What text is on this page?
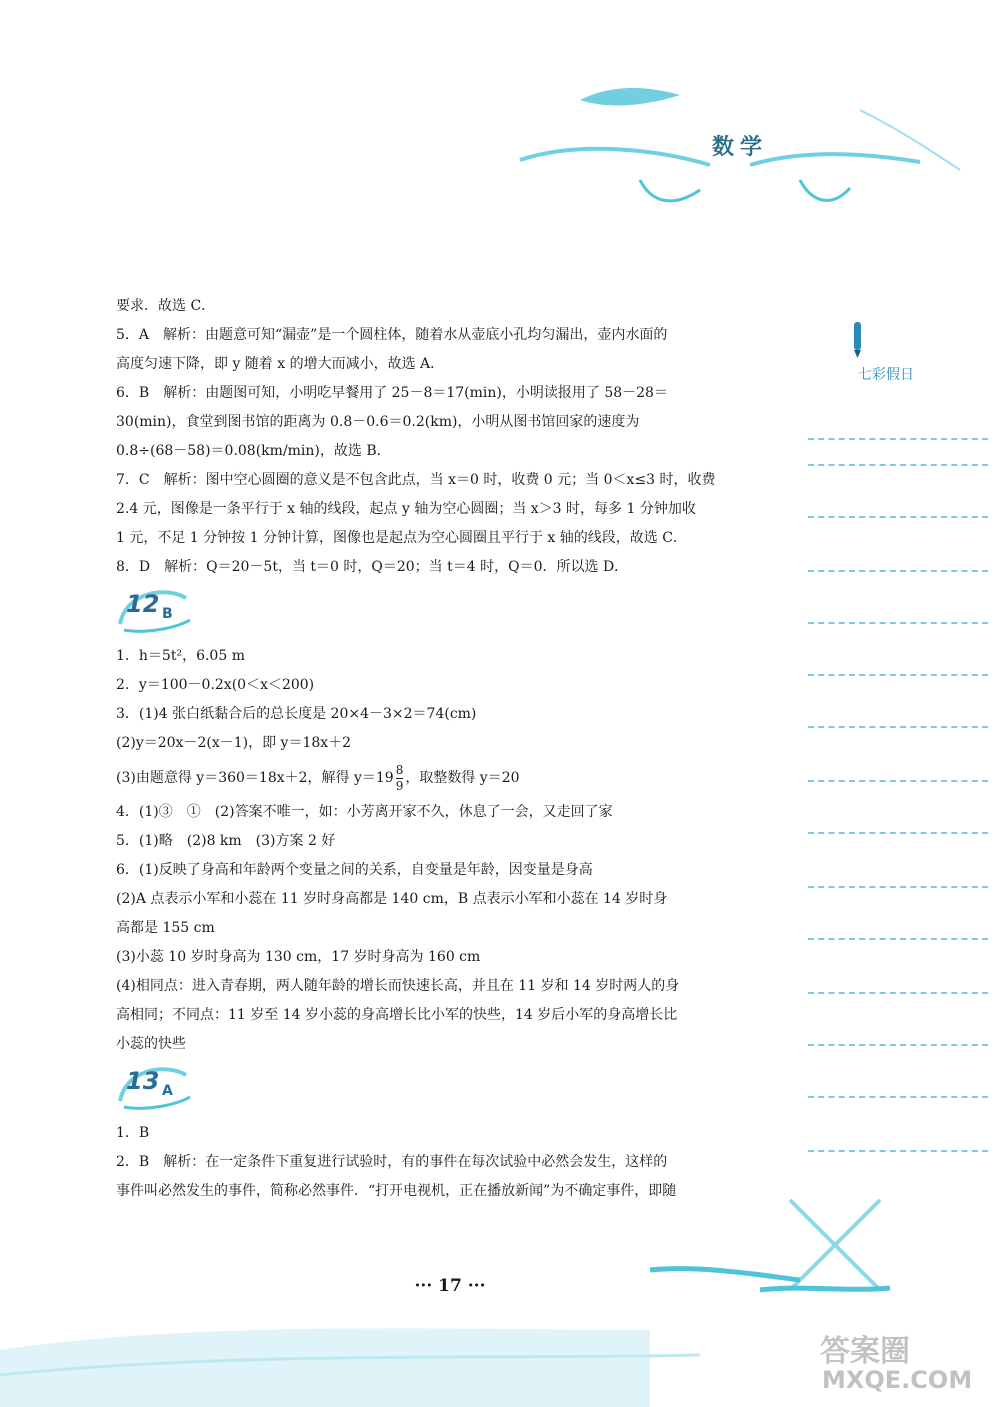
数学
七彩假日
要求．故选 C．
5．A　解析：由题意可知“漏壶”是一个圆柱体，随着水从壶底小孔均匀漏出，壶内水面的
高度匀速下降，即 y 随着 x 的增大而减小，故选 A．
6．B　解析：由题图可知，小明吃早餐用了 25－8＝17(min)，小明读报用了 58－28＝
30(min)，食堂到图书馆的距离为 0.8－0.6＝0.2(km)，小明从图书馆回家的速度为
0.8÷(68－58)＝0.08(km/min)，故选 B．
7．C　解析：图中空心圆圈的意义是不包含此点，当 x＝0 时，收费 0 元；当 0＜x≤3 时，收费
2.4 元，图像是一条平行于 x 轴的线段，起点 y 轴为空心圆圈；当 x＞3 时，每多 1 分钟加收
1 元，不足 1 分钟按 1 分钟计算，图像也是起点为空心圆圈且平行于 x 轴的线段，故选 C．
8．D　解析：Q＝20－5t，当 t＝0 时，Q＝20；当 t＝4 时，Q＝0．所以选 D．
12 B
1．h＝5t²，6.05 m
2．y＝100－0.2x(0＜x＜200)
3．(1)4 张白纸黏合后的总长度是 20×4－3×2＝74(cm)
(2)y＝20x－2(x－1)，即 y＝18x＋2
(3)由题意得 y＝360＝18x＋2，解得 $y=19 \frac{8}{9}$ ，取整数得 y＝20
4．(1)③　①　(2)答案不唯一，如：小芳离开家不久，休息了一会，又走回了家
5．(1)略　(2)8 km　(3)方案 2 好
6．(1)反映了身高和年龄两个变量之间的关系，自变量是年龄，因变量是身高
(2)A 点表示小军和小蕊在 11 岁时身高都是 140 cm，B 点表示小军和小蕊在 14 岁时身
高都是 155 cm
(3)小蕊 10 岁时身高为 130 cm，17 岁时身高为 160 cm
(4)相同点：进入青春期，两人随年龄的增长而快速长高，并且在 11 岁和 14 岁时两人的身
高相同；不同点：11 岁至 14 岁小蕊的身高增长比小军的快些，14 岁后小军的身高增长比
小蕊的快些
13 A
1．B
2．B　解析：在一定条件下重复进行试验时，有的事件在每次试验中必然会发生，这样的
事件叫必然发生的事件，简称必然事件．“打开电视机，正在播放新闻”为不确定事件，即随
··· 17 ···
答案圈
MXQE.COM
